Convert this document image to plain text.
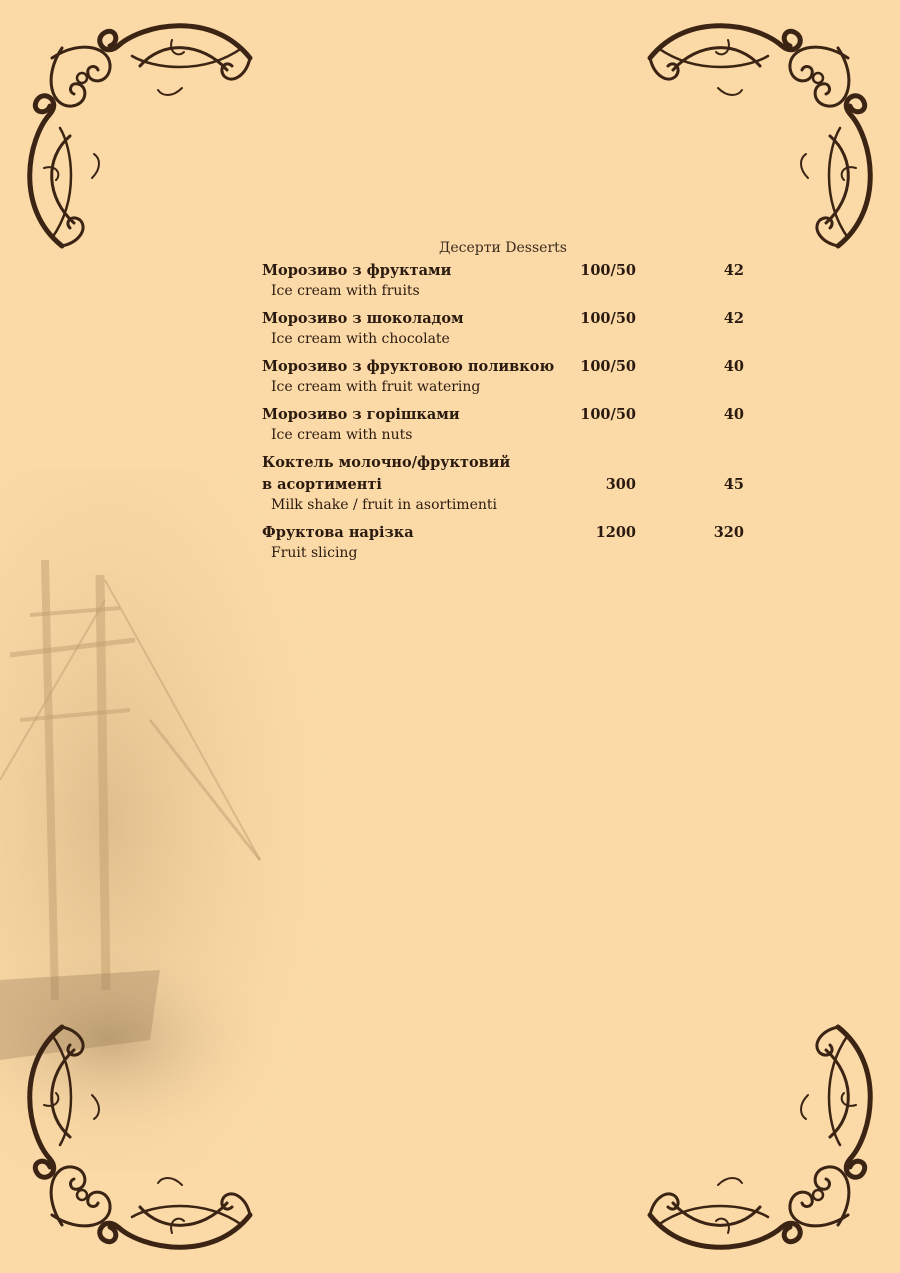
Десерти Desserts
Морозиво з фруктами	100/50	42
Ice cream with fruits
Морозиво з шоколадом	100/50	42
Ice cream with chocolate
Морозиво з фруктовою поливкою	100/50	40
Ice cream with fruit watering
Морозиво з горішками	100/50	40
Ice cream with nuts
Коктель молочно/фруктовий
в асортименті	300	45
Milk shake / fruit in asortimenti
Фруктова нарізка	1200	320
Fruit slicing
